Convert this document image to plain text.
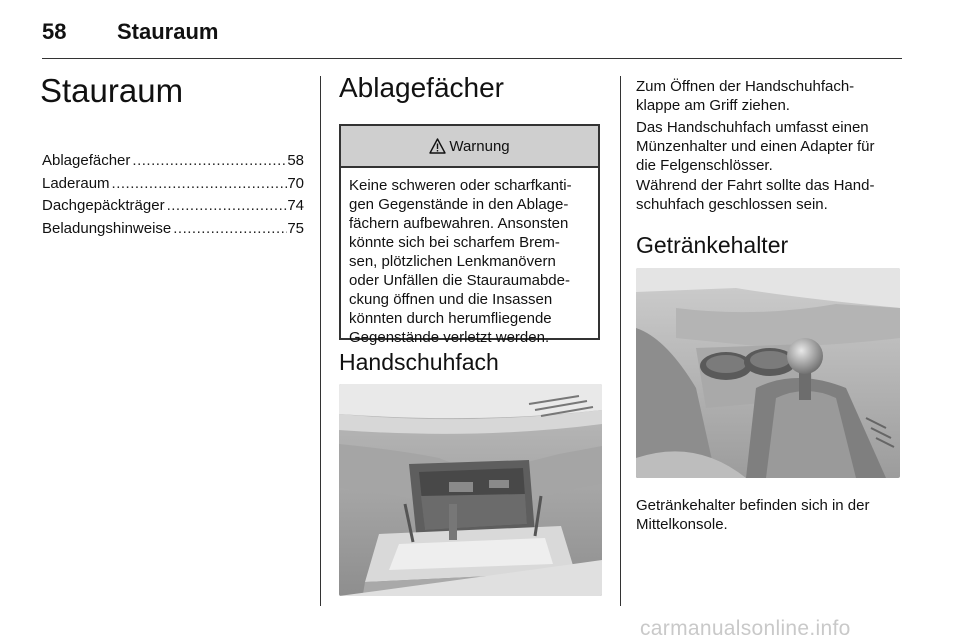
58 Stauraum
Stauraum
Ablagefächer .....	58
Laderaum .....	70
Dachgepäckträger .....	74
Beladungshinweise .....	75
Ablagefächer
Warnung
Keine schweren oder scharfkanti-
gen Gegenstände in den Ablage-
fächern aufbewahren. Ansonsten
könnte sich bei scharfem Brem-
sen, plötzlichen Lenkmanövern
oder Unfällen die Stauraumabde-
ckung öffnen und die Insassen
könnten durch herumfliegende
Gegenstände verletzt werden.
Handschuhfach
Zum Öffnen der Handschuhfach-
klappe am Griff ziehen.
Das Handschuhfach umfasst einen
Münzenhalter und einen Adapter für
die Felgenschlösser.
Während der Fahrt sollte das Hand-
schuhfach geschlossen sein.
Getränkehalter
Getränkehalter befinden sich in der
Mittelkonsole.
carmanualsonline.info
